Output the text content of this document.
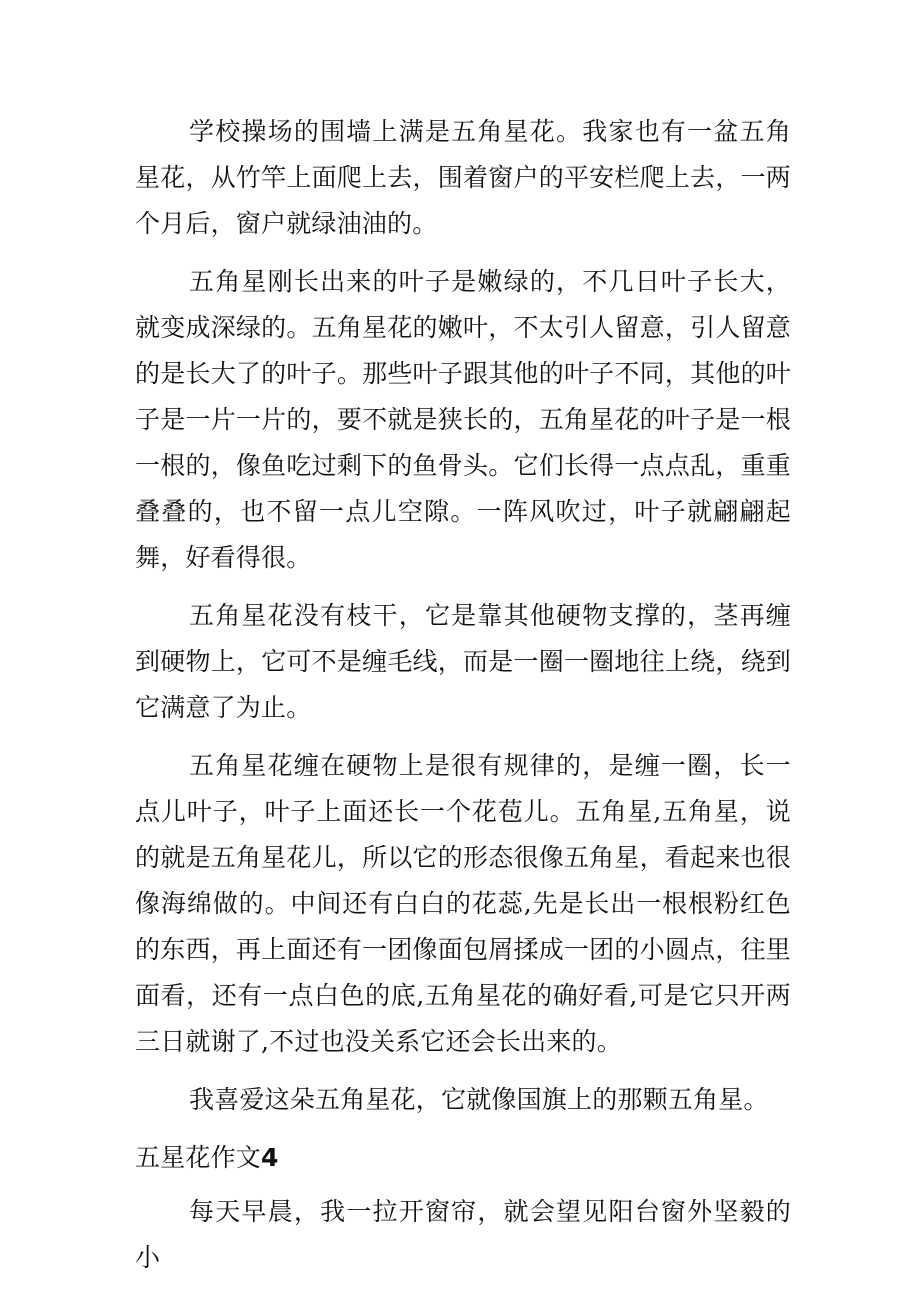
学校操场的围墙上满是五角星花。我家也有一盆五角星花，从竹竿上面爬上去，围着窗户的平安栏爬上去，一两个月后，窗户就绿油油的。

五角星刚长出来的叶子是嫩绿的，不几日叶子长大，就变成深绿的。五角星花的嫩叶，不太引人留意，引人留意的是长大了的叶子。那些叶子跟其他的叶子不同，其他的叶子是一片一片的，要不就是狭长的，五角星花的叶子是一根一根的，像鱼吃过剩下的鱼骨头。它们长得一点点乱，重重叠叠的，也不留一点儿空隙。一阵风吹过，叶子就翩翩起舞，好看得很。

五角星花没有枝干，它是靠其他硬物支撑的，茎再缠到硬物上，它可不是缠毛线，而是一圈一圈地往上绕，绕到它满意了为止。

五角星花缠在硬物上是很有规律的，是缠一圈，长一点儿叶子，叶子上面还长一个花苞儿。五角星,五角星，说的就是五角星花儿，所以它的形态很像五角星，看起来也很像海绵做的。中间还有白白的花蕊,先是长出一根根粉红色的东西，再上面还有一团像面包屑揉成一团的小圆点，往里面看，还有一点白色的底,五角星花的确好看,可是它只开两三日就谢了,不过也没关系它还会长出来的。

我喜爱这朵五角星花，它就像国旗上的那颗五角星。

五星花作文4

每天早晨，我一拉开窗帘，就会望见阳台窗外坚毅的小
